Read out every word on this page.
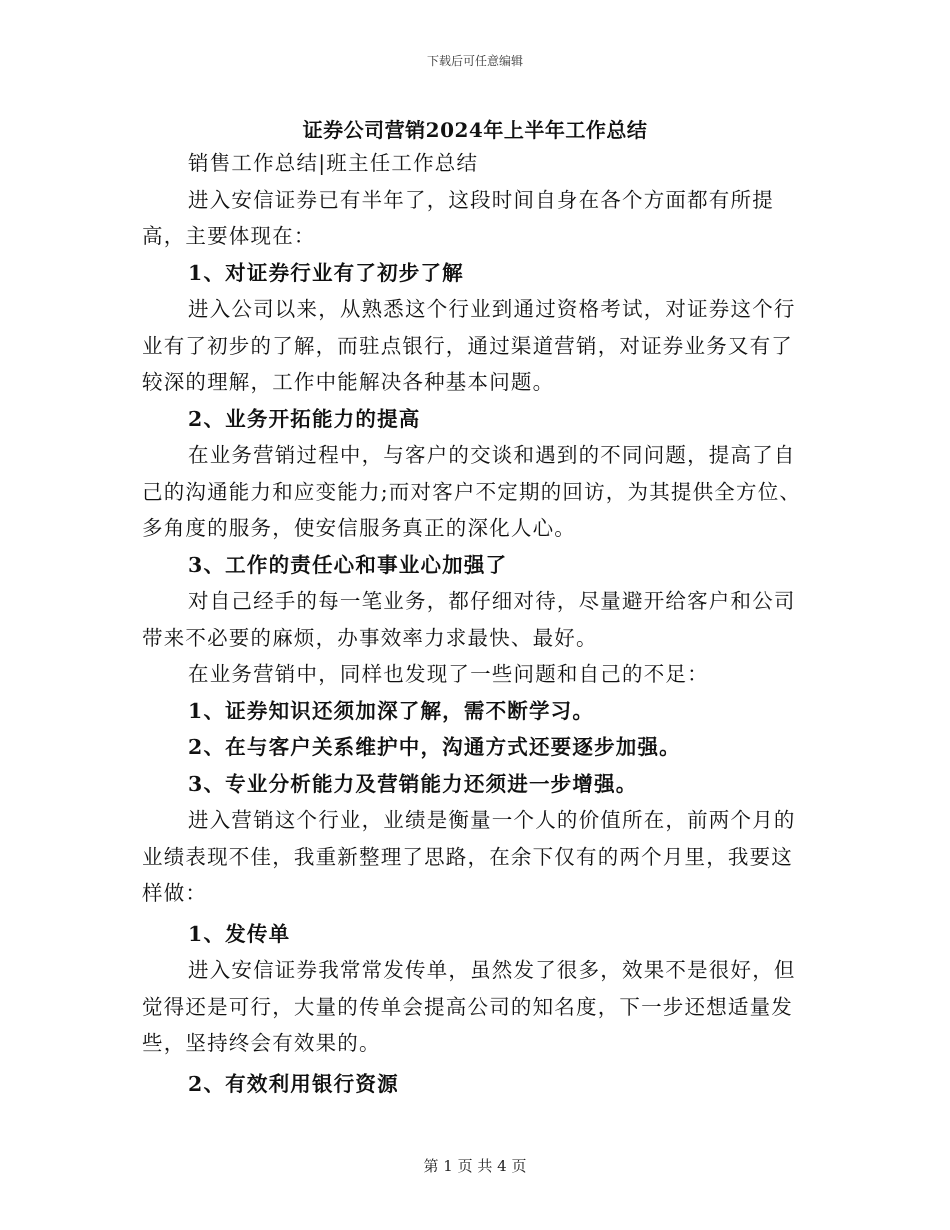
下载后可任意编辑
证券公司营销2024年上半年工作总结

销售工作总结|班主任工作总结

进入安信证券已有半年了，这段时间自身在各个方面都有所提高，主要体现在：

1、对证券行业有了初步了解

进入公司以来，从熟悉这个行业到通过资格考试，对证券这个行业有了初步的了解，而驻点银行，通过渠道营销，对证券业务又有了较深的理解，工作中能解决各种基本问题。

2、业务开拓能力的提高

在业务营销过程中，与客户的交谈和遇到的不同问题，提高了自己的沟通能力和应变能力;而对客户不定期的回访，为其提供全方位、多角度的服务，使安信服务真正的深化人心。

3、工作的责任心和事业心加强了

对自己经手的每一笔业务，都仔细对待，尽量避开给客户和公司带来不必要的麻烦，办事效率力求最快、最好。

在业务营销中，同样也发现了一些问题和自己的不足：

1、证券知识还须加深了解，需不断学习。

2、在与客户关系维护中，沟通方式还要逐步加强。

3、专业分析能力及营销能力还须进一步增强。

进入营销这个行业，业绩是衡量一个人的价值所在，前两个月的业绩表现不佳，我重新整理了思路，在余下仅有的两个月里，我要这样做：

1、发传单

进入安信证券我常常发传单，虽然发了很多，效果不是很好，但觉得还是可行，大量的传单会提高公司的知名度，下一步还想适量发些，坚持终会有效果的。

2、有效利用银行资源

第 1 页 共 4 页
